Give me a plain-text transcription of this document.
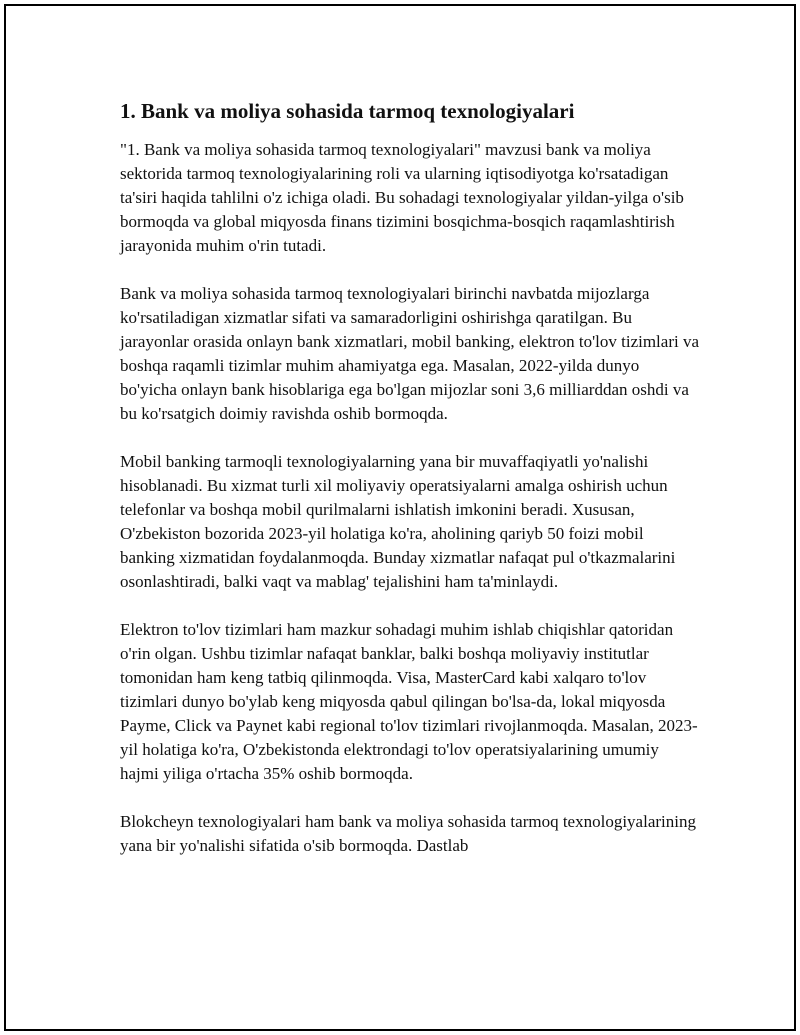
1. Bank va moliya sohasida tarmoq texnologiyalari

"1. Bank va moliya sohasida tarmoq texnologiyalari" mavzusi bank va moliya sektorida tarmoq texnologiyalarining roli va ularning iqtisodiyotga ko'rsatadigan ta'siri haqida tahlilni o'z ichiga oladi. Bu sohadagi texnologiyalar yildan-yilga o'sib bormoqda va global miqyosda finans tizimini bosqichma-bosqich raqamlashtirish jarayonida muhim o'rin tutadi.

Bank va moliya sohasida tarmoq texnologiyalari birinchi navbatda mijozlarga ko'rsatiladigan xizmatlar sifati va samaradorligini oshirishga qaratilgan. Bu jarayonlar orasida onlayn bank xizmatlari, mobil banking, elektron to'lov tizimlari va boshqa raqamli tizimlar muhim ahamiyatga ega. Masalan, 2022-yilda dunyo bo'yicha onlayn bank hisoblariga ega bo'lgan mijozlar soni 3,6 milliarddan oshdi va bu ko'rsatgich doimiy ravishda oshib bormoqda.

Mobil banking tarmoqli texnologiyalarning yana bir muvaffaqiyatli yo'nalishi hisoblanadi. Bu xizmat turli xil moliyaviy operatsiyalarni amalga oshirish uchun telefonlar va boshqa mobil qurilmalarni ishlatish imkonini beradi. Xususan, O'zbekiston bozorida 2023-yil holatiga ko'ra, aholining qariyb 50 foizi mobil banking xizmatidan foydalanmoqda. Bunday xizmatlar nafaqat pul o'tkazmalarini osonlashtiradi, balki vaqt va mablag' tejalishini ham ta'minlaydi.

Elektron to'lov tizimlari ham mazkur sohadagi muhim ishlab chiqishlar qatoridan o'rin olgan. Ushbu tizimlar nafaqat banklar, balki boshqa moliyaviy institutlar tomonidan ham keng tatbiq qilinmoqda. Visa, MasterCard kabi xalqaro to'lov tizimlari dunyo bo'ylab keng miqyosda qabul qilingan bo'lsa-da, lokal miqyosda Payme, Click va Paynet kabi regional to'lov tizimlari rivojlanmoqda. Masalan, 2023-yil holatiga ko'ra, O'zbekistonda elektrondagi to'lov operatsiyalarining umumiy hajmi yiliga o'rtacha 35% oshib bormoqda.

Blokcheyn texnologiyalari ham bank va moliya sohasida tarmoq texnologiyalarining yana bir yo'nalishi sifatida o'sib bormoqda. Dastlab
